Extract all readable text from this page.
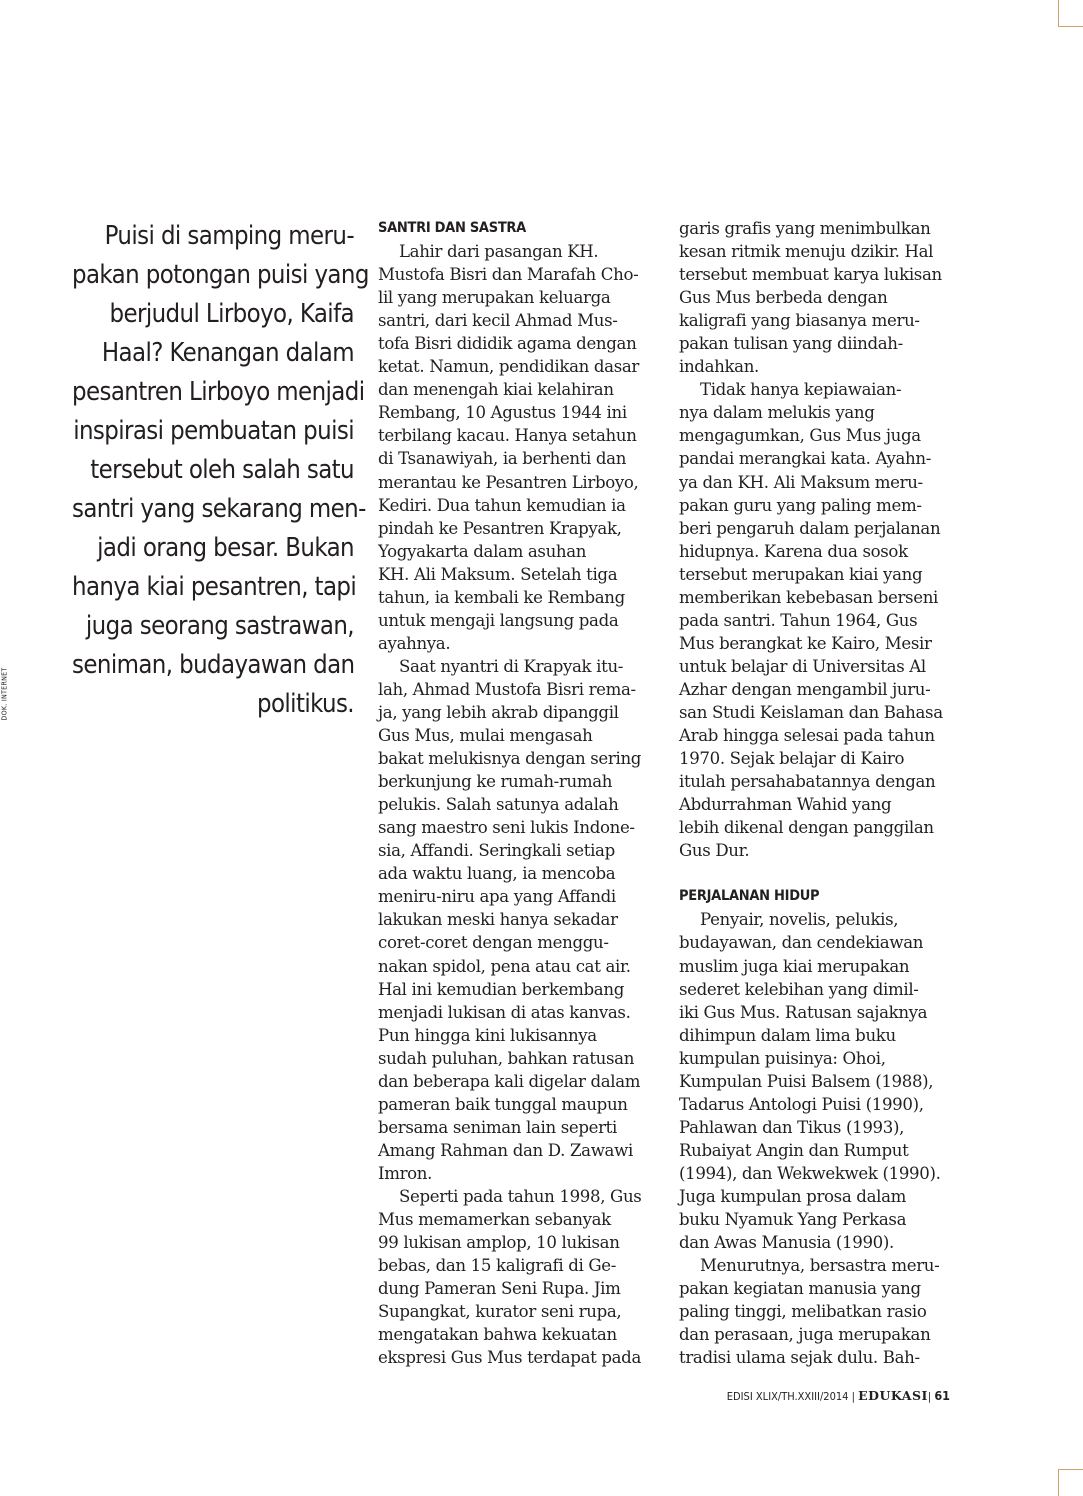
DOK. INTERNET
Puisi di samping meru-
pakan potongan puisi yang
berjudul Lirboyo, Kaifa
Haal? Kenangan dalam
pesantren Lirboyo menjadi
inspirasi pembuatan puisi
tersebut oleh salah satu
santri yang sekarang men-
jadi orang besar. Bukan
hanya kiai pesantren, tapi
juga seorang sastrawan,
seniman, budayawan dan
politikus.
SANTRI DAN SASTRA
Lahir dari pasangan KH.
Mustofa Bisri dan Marafah Cho-
lil yang merupakan keluarga
santri, dari kecil Ahmad Mus-
tofa Bisri dididik agama dengan
ketat. Namun, pendidikan dasar
dan menengah kiai kelahiran
Rembang, 10 Agustus 1944 ini
terbilang kacau. Hanya setahun
di Tsanawiyah, ia berhenti dan
merantau ke Pesantren Lirboyo,
Kediri. Dua tahun kemudian ia
pindah ke Pesantren Krapyak,
Yogyakarta dalam asuhan
KH. Ali Maksum. Setelah tiga
tahun, ia kembali ke Rembang
untuk mengaji langsung pada
ayahnya.
Saat nyantri di Krapyak itu-
lah, Ahmad Mustofa Bisri rema-
ja, yang lebih akrab dipanggil
Gus Mus, mulai mengasah
bakat melukisnya dengan sering
berkunjung ke rumah-rumah
pelukis. Salah satunya adalah
sang maestro seni lukis Indone-
sia, Affandi. Seringkali setiap
ada waktu luang, ia mencoba
meniru-niru apa yang Affandi
lakukan meski hanya sekadar
coret-coret dengan menggu-
nakan spidol, pena atau cat air.
Hal ini kemudian berkembang
menjadi lukisan di atas kanvas.
Pun hingga kini lukisannya
sudah puluhan, bahkan ratusan
dan beberapa kali digelar dalam
pameran baik tunggal maupun
bersama seniman lain seperti
Amang Rahman dan D. Zawawi
Imron.
Seperti pada tahun 1998, Gus
Mus memamerkan sebanyak
99 lukisan amplop, 10 lukisan
bebas, dan 15 kaligrafi di Ge-
dung Pameran Seni Rupa. Jim
Supangkat, kurator seni rupa,
mengatakan bahwa kekuatan
ekspresi Gus Mus terdapat pada
garis grafis yang menimbulkan
kesan ritmik menuju dzikir. Hal
tersebut membuat karya lukisan
Gus Mus berbeda dengan
kaligrafi yang biasanya meru-
pakan tulisan yang diindah-
indahkan.
Tidak hanya kepiawaian-
nya dalam melukis yang
mengagumkan, Gus Mus juga
pandai merangkai kata. Ayahn-
ya dan KH. Ali Maksum meru-
pakan guru yang paling mem-
beri pengaruh dalam perjalanan
hidupnya. Karena dua sosok
tersebut merupakan kiai yang
memberikan kebebasan berseni
pada santri. Tahun 1964, Gus
Mus berangkat ke Kairo, Mesir
untuk belajar di Universitas Al
Azhar dengan mengambil juru-
san Studi Keislaman dan Bahasa
Arab hingga selesai pada tahun
1970. Sejak belajar di Kairo
itulah persahabatannya dengan
Abdurrahman Wahid yang
lebih dikenal dengan panggilan
Gus Dur.
PERJALANAN HIDUP
Penyair, novelis, pelukis,
budayawan, dan cendekiawan
muslim juga kiai merupakan
sederet kelebihan yang dimil-
iki Gus Mus. Ratusan sajaknya
dihimpun dalam lima buku
kumpulan puisinya: Ohoi,
Kumpulan Puisi Balsem (1988),
Tadarus Antologi Puisi (1990),
Pahlawan dan Tikus (1993),
Rubaiyat Angin dan Rumput
(1994), dan Wekwekwek (1990).
Juga kumpulan prosa dalam
buku Nyamuk Yang Perkasa
dan Awas Manusia (1990).
Menurutnya, bersastra meru-
pakan kegiatan manusia yang
paling tinggi, melibatkan rasio
dan perasaan, juga merupakan
tradisi ulama sejak dulu. Bah-
EDISI XLIX/TH.XXIII/2014 | EDUKASI| 61
